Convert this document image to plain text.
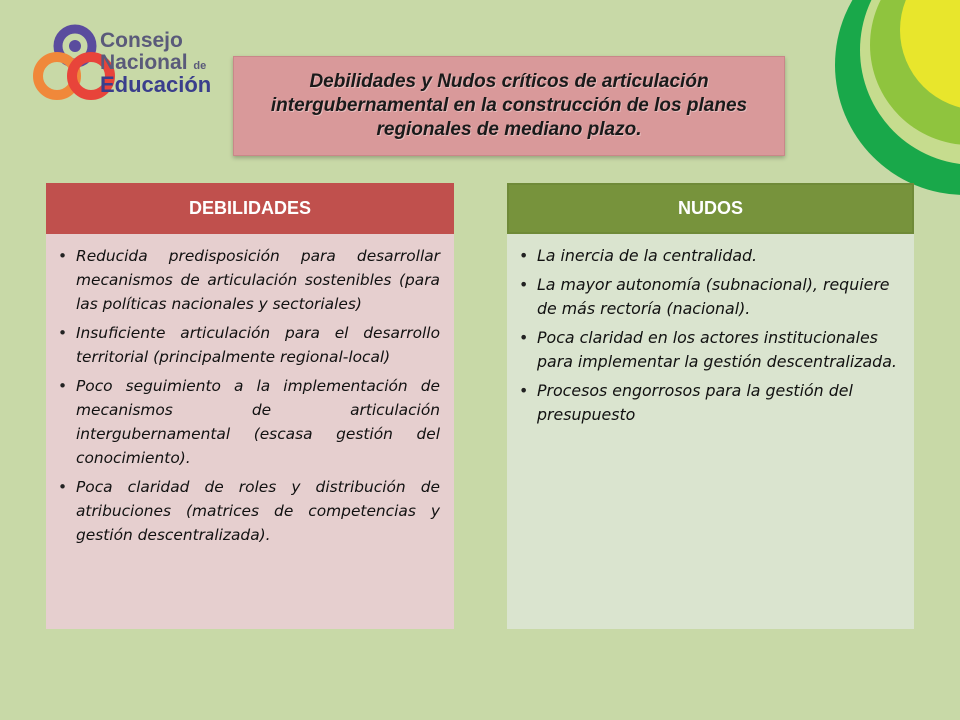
Consejo
Nacional de
Educación	Debilidades y Nudos críticos de articulación intergubernamental en la construcción de los planes regionales de mediano plazo.
DEBILIDADES
• Reducida predisposición para desarrollar mecanismos de articulación sostenibles (para las políticas nacionales y sectoriales)
• Insuficiente articulación para el desarrollo territorial (principalmente regional-local)
• Poco seguimiento a la implementación de mecanismos de articulación intergubernamental (escasa gestión del conocimiento).
• Poca claridad de roles y distribución de atribuciones (matrices de competencias y gestión descentralizada).
NUDOS
• La inercia de la centralidad.
• La mayor autonomía (subnacional), requiere de más rectoría (nacional).
• Poca claridad en los actores institucionales para implementar la gestión descentralizada.
• Procesos engorrosos para la gestión del presupuesto
